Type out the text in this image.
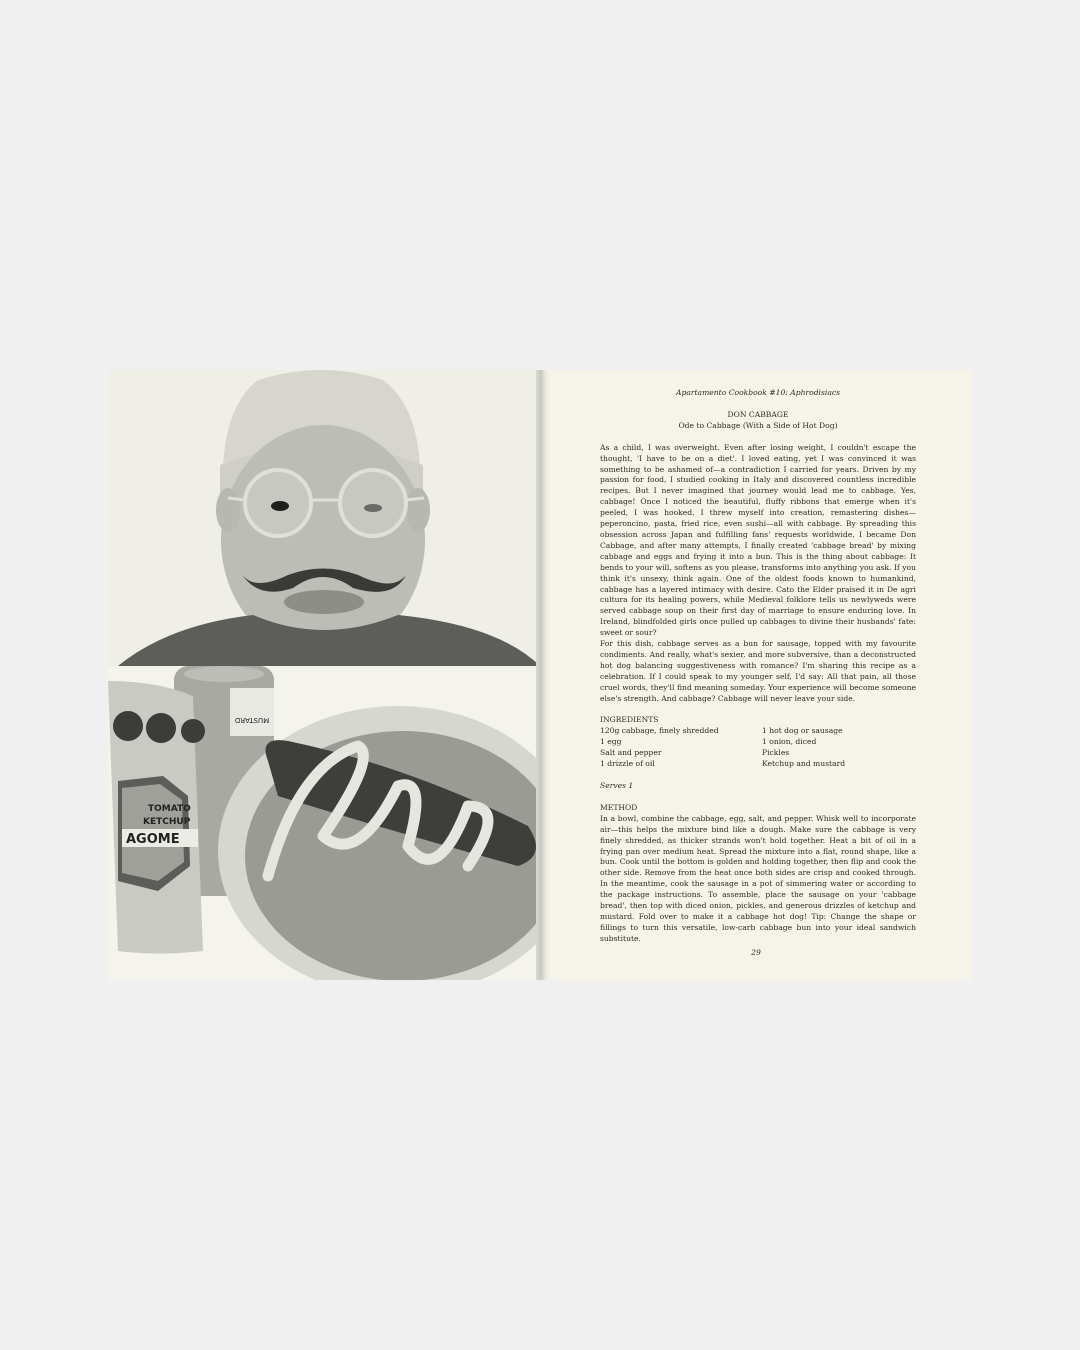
MUSTARD
TOMATO
KETCHUP
AGOME
Apartamento Cookbook #10: Aphrodisiacs
DON CABBAGE
Ode to Cabbage (With a Side of Hot Dog)

As a child, I was overweight. Even after losing weight, I couldn't escape the thought, 'I have to be on a diet'. I loved eating, yet I was convinced it was something to be ashamed of—a contradiction I carried for years. Driven by my passion for food, I studied cooking in Italy and discovered countless incredible recipes. But I never imagined that journey would lead me to cabbage. Yes, cabbage! Once I noticed the beautiful, fluffy ribbons that emerge when it's peeled, I was hooked. I threw myself into creation, remastering dishes—peperoncino, pasta, fried rice, even sushi—all with cabbage. By spreading this obsession across Japan and fulfilling fans' requests worldwide, I became Don Cabbage, and after many attempts, I finally created 'cabbage bread' by mixing cabbage and eggs and frying it into a bun. This is the thing about cabbage: It bends to your will, softens as you please, transforms into anything you ask. If you think it's unsexy, think again. One of the oldest foods known to humankind, cabbage has a layered intimacy with desire. Cato the Elder praised it in De agri cultura for its healing powers, while Medieval folklore tells us newlyweds were served cabbage soup on their first day of marriage to ensure enduring love. In Ireland, blindfolded girls once pulled up cabbages to divine their husbands' fate: sweet or sour?

For this dish, cabbage serves as a bun for sausage, topped with my favourite condiments. And really, what's sexier, and more subversive, than a deconstructed hot dog balancing suggestiveness with romance? I'm sharing this recipe as a celebration. If I could speak to my younger self, I'd say: All that pain, all those cruel words, they'll find meaning someday. Your experience will become someone else's strength. And cabbage? Cabbage will never leave your side.

INGREDIENTS
120g cabbage, finely shredded	1 hot dog or sausage
1 egg	1 onion, diced
Salt and pepper	Pickles
1 drizzle of oil	Ketchup and mustard
Serves 1
METHOD

In a bowl, combine the cabbage, egg, salt, and pepper. Whisk well to incorporate air—this helps the mixture bind like a dough. Make sure the cabbage is very finely shredded, as thicker strands won't hold together. Heat a bit of oil in a frying pan over medium heat. Spread the mixture into a flat, round shape, like a bun. Cook until the bottom is golden and holding together, then flip and cook the other side. Remove from the heat once both sides are crisp and cooked through. In the meantime, cook the sausage in a pot of simmering water or according to the package instructions. To assemble, place the sausage on your 'cabbage bread', then top with diced onion, pickles, and generous drizzles of ketchup and mustard. Fold over to make it a cabbage hot dog! Tip: Change the shape or fillings to turn this versatile, low-carb cabbage bun into your ideal sandwich substitute.

29
